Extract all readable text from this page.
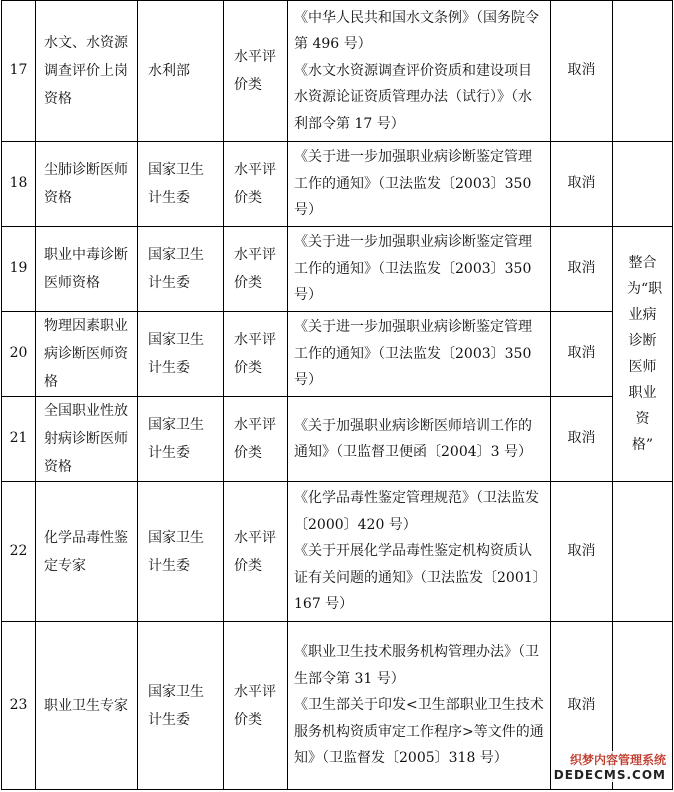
17	水文、水资源调查评价上岗资格	水利部	水平评价类	《中华人民共和国水文条例》（国务院令第 496 号）
《水文水资源调查评价资质和建设项目水资源论证资质管理办法（试行）》（水利部令第 17 号）	取消	
18	尘肺诊断医师资格	国家卫生计生委	水平评价类	《关于进一步加强职业病诊断鉴定管理工作的通知》（卫法监发〔2003〕350 号）	取消	
19	职业中毒诊断医师资格	国家卫生计生委	水平评价类	《关于进一步加强职业病诊断鉴定管理工作的通知》（卫法监发〔2003〕350 号）	取消	整合为“职业病诊断医师职业资格”
20	物理因素职业病诊断医师资格	国家卫生计生委	水平评价类	《关于进一步加强职业病诊断鉴定管理工作的通知》（卫法监发〔2003〕350 号）	取消	
21	全国职业性放射病诊断医师资格	国家卫生计生委	水平评价类	《关于加强职业病诊断医师培训工作的通知》（卫监督卫便函〔2004〕3 号）	取消	
22	化学品毒性鉴定专家	国家卫生计生委	水平评价类	《化学品毒性鉴定管理规范》（卫法监发〔2000〕420 号）
《关于开展化学品毒性鉴定机构资质认证有关问题的通知》（卫法监发〔2001〕167 号）	取消	
23	职业卫生专家	国家卫生计生委	水平评价类	《职业卫生技术服务机构管理办法》（卫生部令第 31 号）
《卫生部关于印发<卫生部职业卫生技术服务机构资质审定工作程序>等文件的通知》（卫监督发〔2005〕318 号）	取消	
织梦内容管理系统
DEDECMS.COM
